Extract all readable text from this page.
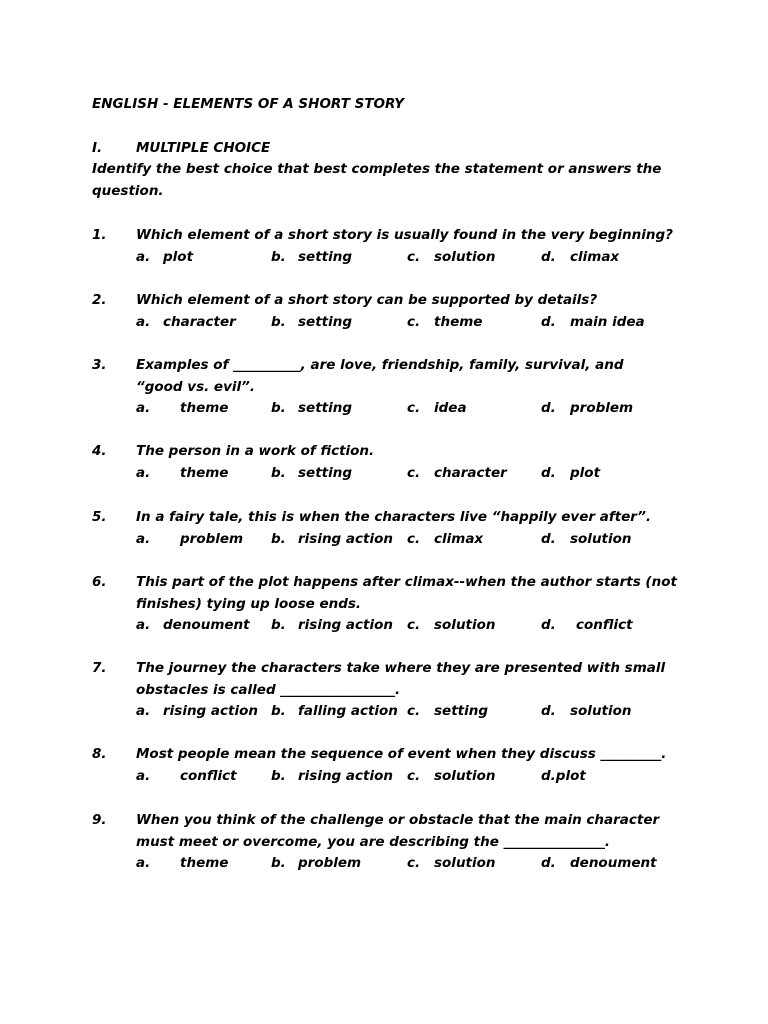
ENGLISH - ELEMENTS OF A SHORT STORY
I.	MULTIPLE CHOICE
Identify the best choice that best completes the statement or answers the
question.
1. Which element of a short story is usually found in the very beginning?
a. plot	b. setting	c. solution	d. climax
2. Which element of a short story can be supported by details?
a. character	b. setting	c. theme	d. main idea
3. Examples of __________, are love, friendship, family, survival, and
“good vs. evil”.
a. theme	b. setting	c. idea	d. problem
4. The person in a work of fiction.
a. theme	b. setting	c. character	d. plot
5. In a fairy tale, this is when the characters live “happily ever after”.
a. problem b. rising action c. climax	d. solution
6. This part of the plot happens after climax--when the author starts (not
finishes) tying up loose ends.
a. denoument b. rising action c. solution	d. conflict
7. The journey the characters take where they are presented with small
obstacles is called _________________.
a. rising action b. falling action c. setting	d. solution
8. Most people mean the sequence of event when they discuss _________.
a. conflict	b. rising action c. solution	d.plot
9. When you think of the challenge or obstacle that the main character
must meet or overcome, you are describing the _______________.
a. theme	b. problem	c. solution	d. denoument
